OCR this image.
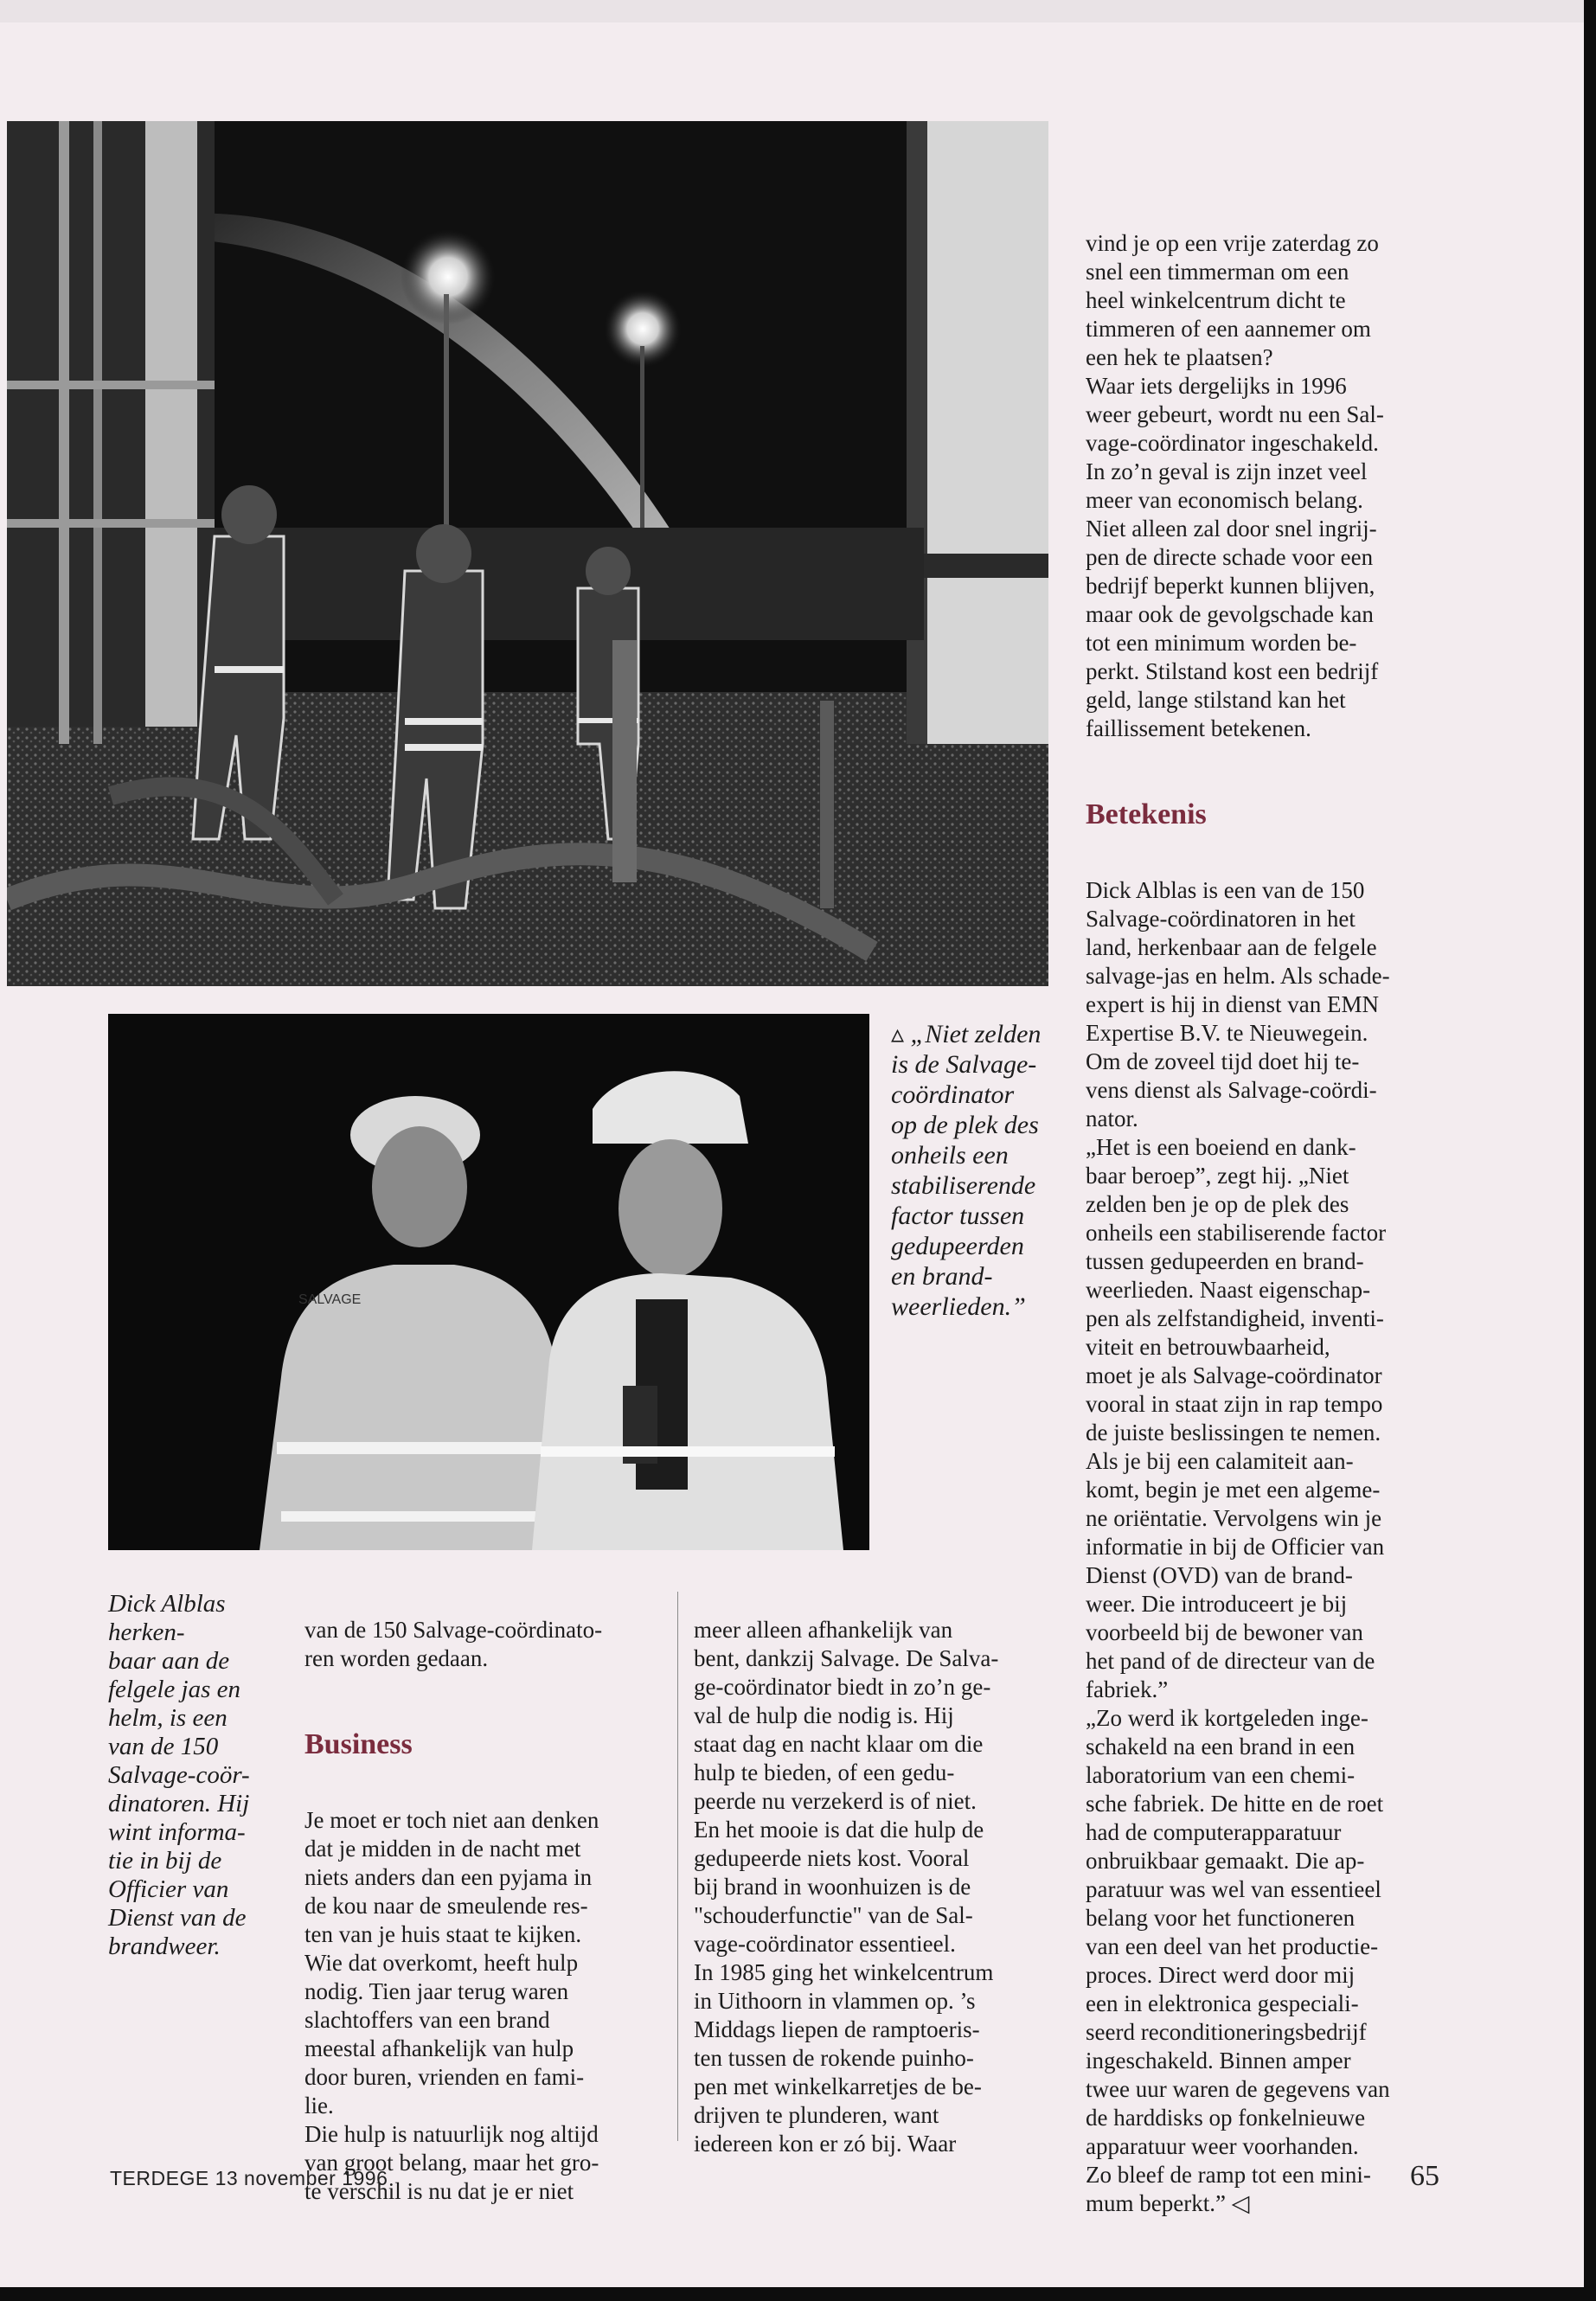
SALVAGE
▵ „Niet zelden
is de Salvage-
coördinator
op de plek des
onheils een
stabiliserende
factor tussen
gedupeerden
en brand-
weerlieden.”

vind je op een vrije zaterdag zo
snel een timmerman om een
heel winkelcentrum dicht te
timmeren of een aannemer om
een hek te plaatsen?
Waar iets dergelijks in 1996
weer gebeurt, wordt nu een Sal-
vage-coördinator ingeschakeld.
In zo’n geval is zijn inzet veel
meer van economisch belang.
Niet alleen zal door snel ingrij-
pen de directe schade voor een
bedrijf beperkt kunnen blijven,
maar ook de gevolgschade kan
tot een minimum worden be-
perkt. Stilstand kost een bedrijf
geld, lange stilstand kan het
faillissement betekenen.

Betekenis

Dick Alblas is een van de 150
Salvage-coördinatoren in het
land, herkenbaar aan de felgele
salvage-jas en helm. Als schade-
expert is hij in dienst van EMN
Expertise B.V. te Nieuwegein.
Om de zoveel tijd doet hij te-
vens dienst als Salvage-coördi-
nator.
„Het is een boeiend en dank-
baar beroep”, zegt hij. „Niet
zelden ben je op de plek des
onheils een stabiliserende factor
tussen gedupeerden en brand-
weerlieden. Naast eigenschap-
pen als zelfstandigheid, inventi-
viteit en betrouwbaarheid,
moet je als Salvage-coördinator
vooral in staat zijn in rap tempo
de juiste beslissingen te nemen.
Als je bij een calamiteit aan-
komt, begin je met een algeme-
ne oriëntatie. Vervolgens win je
informatie in bij de Officier van
Dienst (OVD) van de brand-
weer. Die introduceert je bij
voorbeeld bij de bewoner van
het pand of de directeur van de
fabriek.”
„Zo werd ik kortgeleden inge-
schakeld na een brand in een
laboratorium van een chemi-
sche fabriek. De hitte en de roet
had de computerapparatuur
onbruikbaar gemaakt. Die ap-
paratuur was wel van essentieel
belang voor het functioneren
van een deel van het productie-
proces. Direct werd door mij
een in elektronica gespeciali-
seerd reconditioneringsbedrijf
ingeschakeld. Binnen amper
twee uur waren de gegevens van
de harddisks op fonkelnieuwe
apparatuur weer voorhanden.
Zo bleef de ramp tot een mini-
mum beperkt.” ◁

Dick Alblas
herken-
baar aan de
felgele jas en
helm, is een
van de 150
Salvage-coör-
dinatoren. Hij
wint informa-
tie in bij de
Officier van
Dienst van de
brandweer.

van de 150 Salvage-coördinato-
ren worden gedaan.

Business

Je moet er toch niet aan denken
dat je midden in de nacht met
niets anders dan een pyjama in
de kou naar de smeulende res-
ten van je huis staat te kijken.
Wie dat overkomt, heeft hulp
nodig. Tien jaar terug waren
slachtoffers van een brand
meestal afhankelijk van hulp
door buren, vrienden en fami-
lie.
Die hulp is natuurlijk nog altijd
van groot belang, maar het gro-
te verschil is nu dat je er niet

meer alleen afhankelijk van
bent, dankzij Salvage. De Salva-
ge-coördinator biedt in zo’n ge-
val de hulp die nodig is. Hij
staat dag en nacht klaar om die
hulp te bieden, of een gedu-
peerde nu verzekerd is of niet.
En het mooie is dat die hulp de
gedupeerde niets kost. Vooral
bij brand in woonhuizen is de
"schouderfunctie" van de Sal-
vage-coördinator essentieel.
In 1985 ging het winkelcentrum
in Uithoorn in vlammen op. ’s
Middags liepen de ramptoeris-
ten tussen de rokende puinho-
pen met winkelkarretjes de be-
drijven te plunderen, want
iedereen kon er zó bij. Waar

TERDEGE 13 november 1996	65
